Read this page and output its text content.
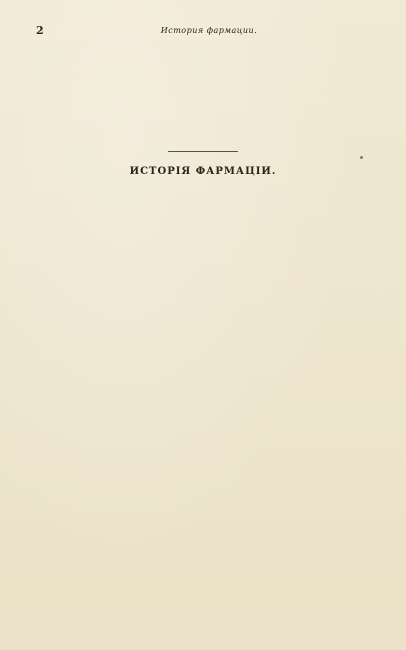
2	История фармации.

ИСТОРІЯ ФАРМАЦІИ.
